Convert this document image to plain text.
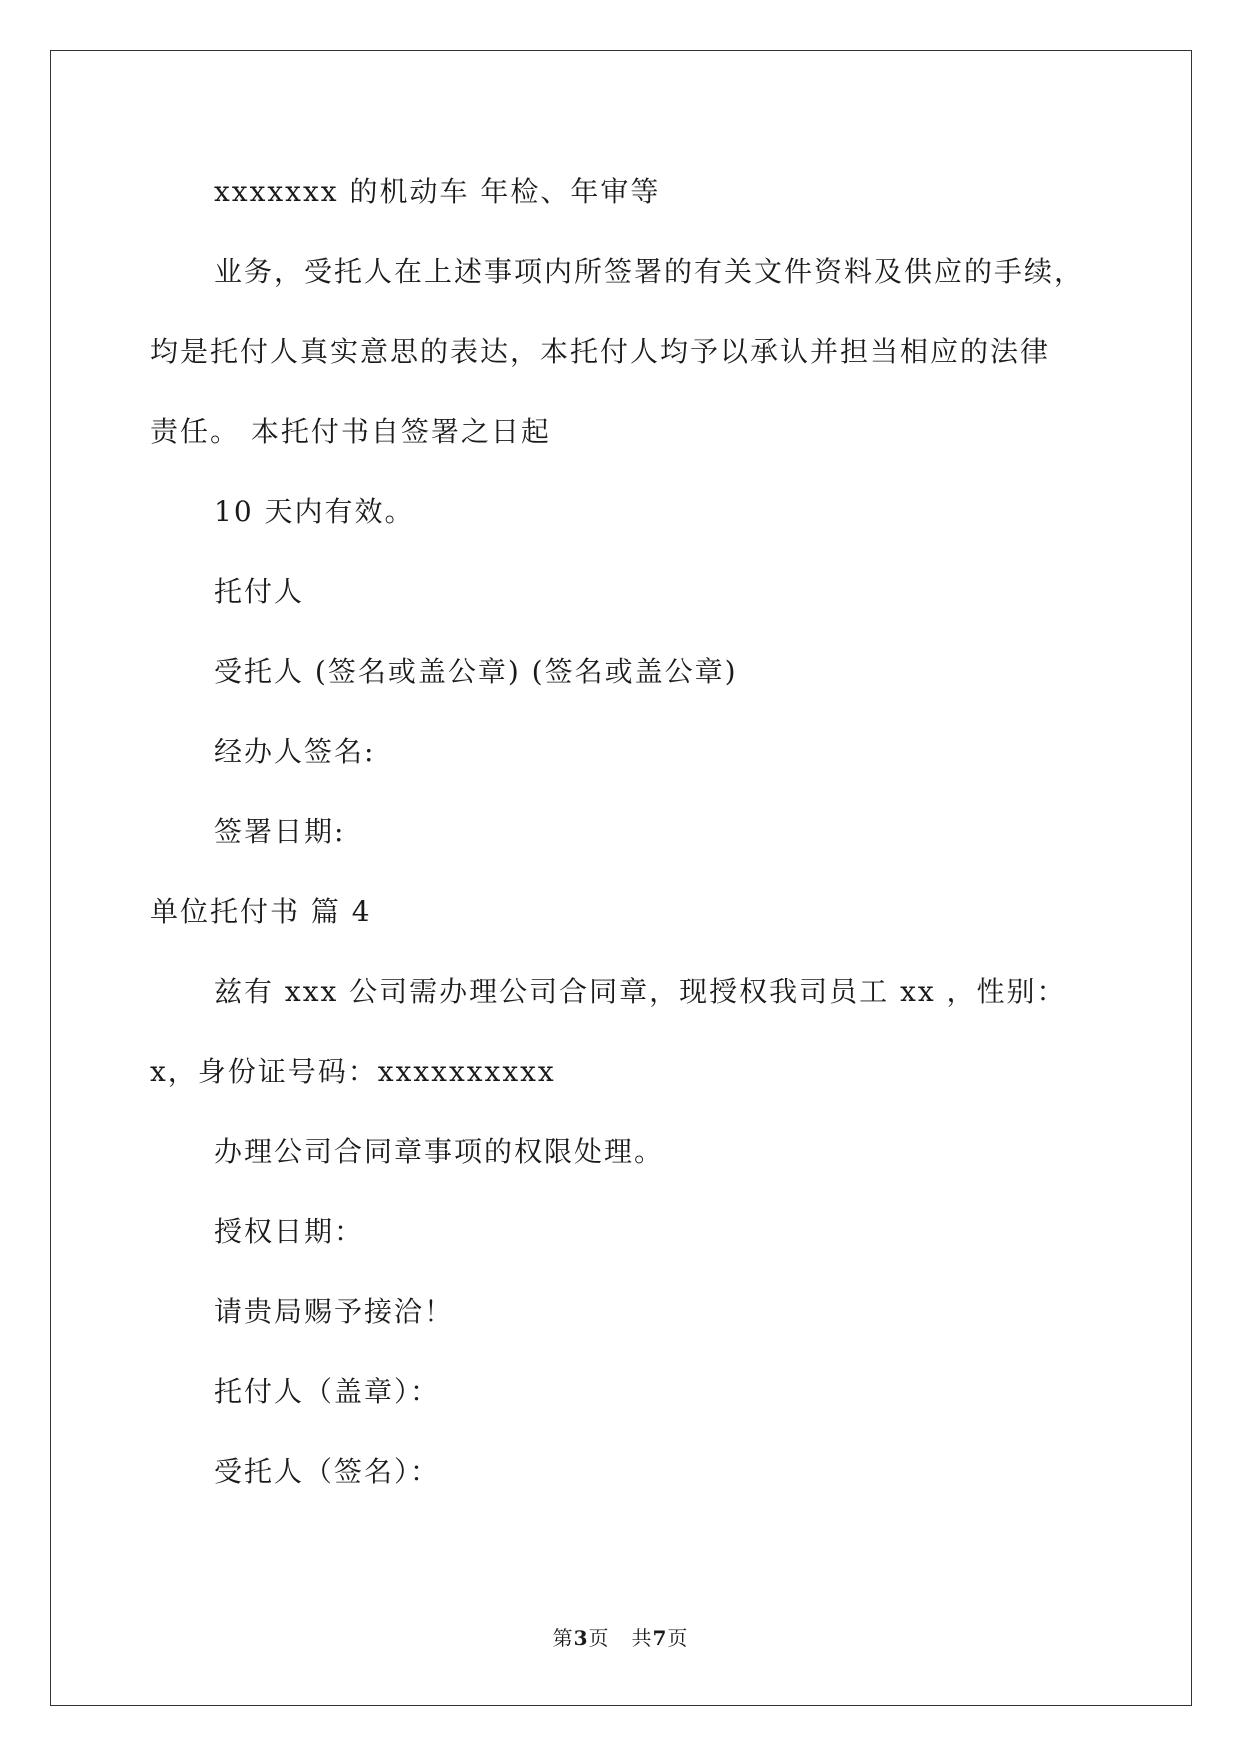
xxxxxxx 的机动车 年检、年审等
业务，受托人在上述事项内所签署的有关文件资料及供应的手续，
均是托付人真实意思的表达，本托付人均予以承认并担当相应的法律
责任。 本托付书自签署之日起
10 天内有效。
托付人
受托人 (签名或盖公章) (签名或盖公章)
经办人签名:
签署日期:
单位托付书 篇 4
兹有 xxx 公司需办理公司合同章，现授权我司员工 xx ，性别：
x，身份证号码：xxxxxxxxxx
办理公司合同章事项的权限处理。
授权日期：
请贵局赐予接洽！
托付人（盖章）：
受托人（签名）：
第3页 共7页
